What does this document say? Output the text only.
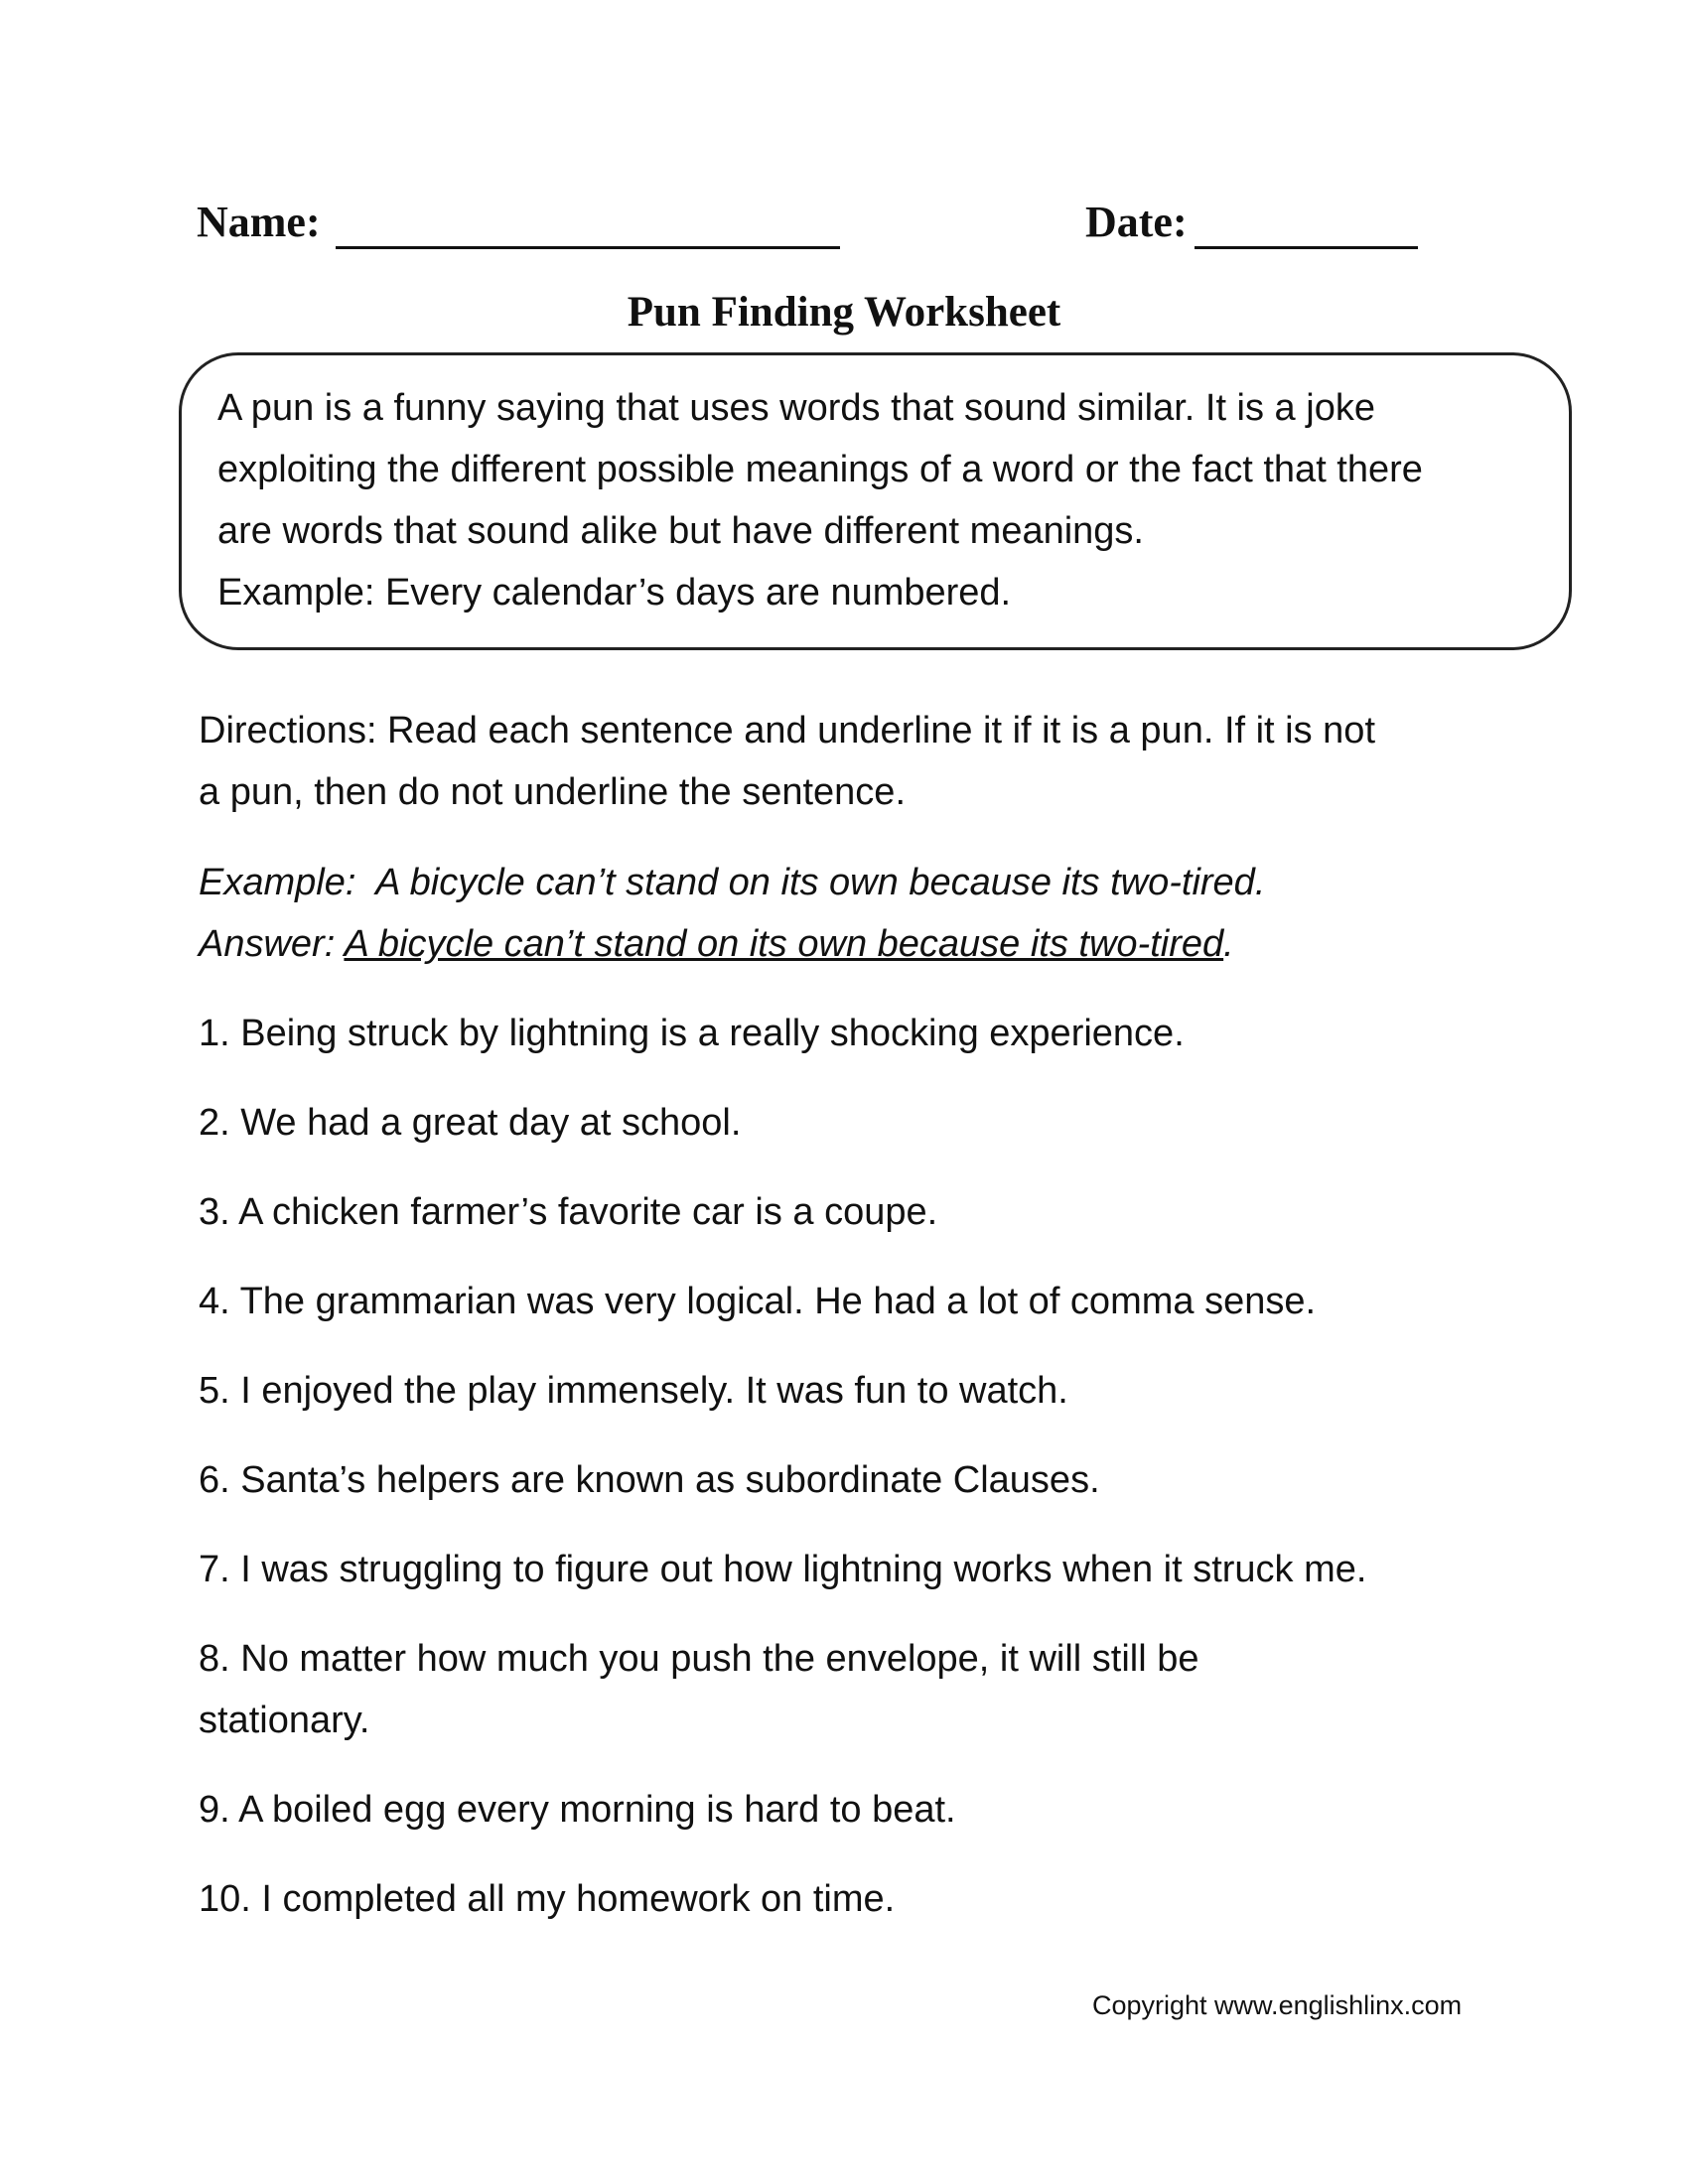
Name:	Date:
Pun Finding Worksheet

A pun is a funny saying that uses words that sound similar. It is a joke

exploiting the different possible meanings of a word or the fact that there

are words that sound alike but have different meanings.

Example: Every calendar’s days are numbered.

Directions: Read each sentence and underline it if it is a pun. If it is not
a pun, then do not underline the sentence.
Example: A bicycle can’t stand on its own because its two-tired.
Answer: A bicycle can’t stand on its own because its two-tired.
1. Being struck by lightning is a really shocking experience.
2. We had a great day at school.
3. A chicken farmer’s favorite car is a coupe.
4. The grammarian was very logical. He had a lot of comma sense.
5. I enjoyed the play immensely. It was fun to watch.
6. Santa’s helpers are known as subordinate Clauses.
7. I was struggling to figure out how lightning works when it struck me.
8. No matter how much you push the envelope, it will still be
stationary.
9. A boiled egg every morning is hard to beat.
10. I completed all my homework on time.
Copyright www.englishlinx.com
